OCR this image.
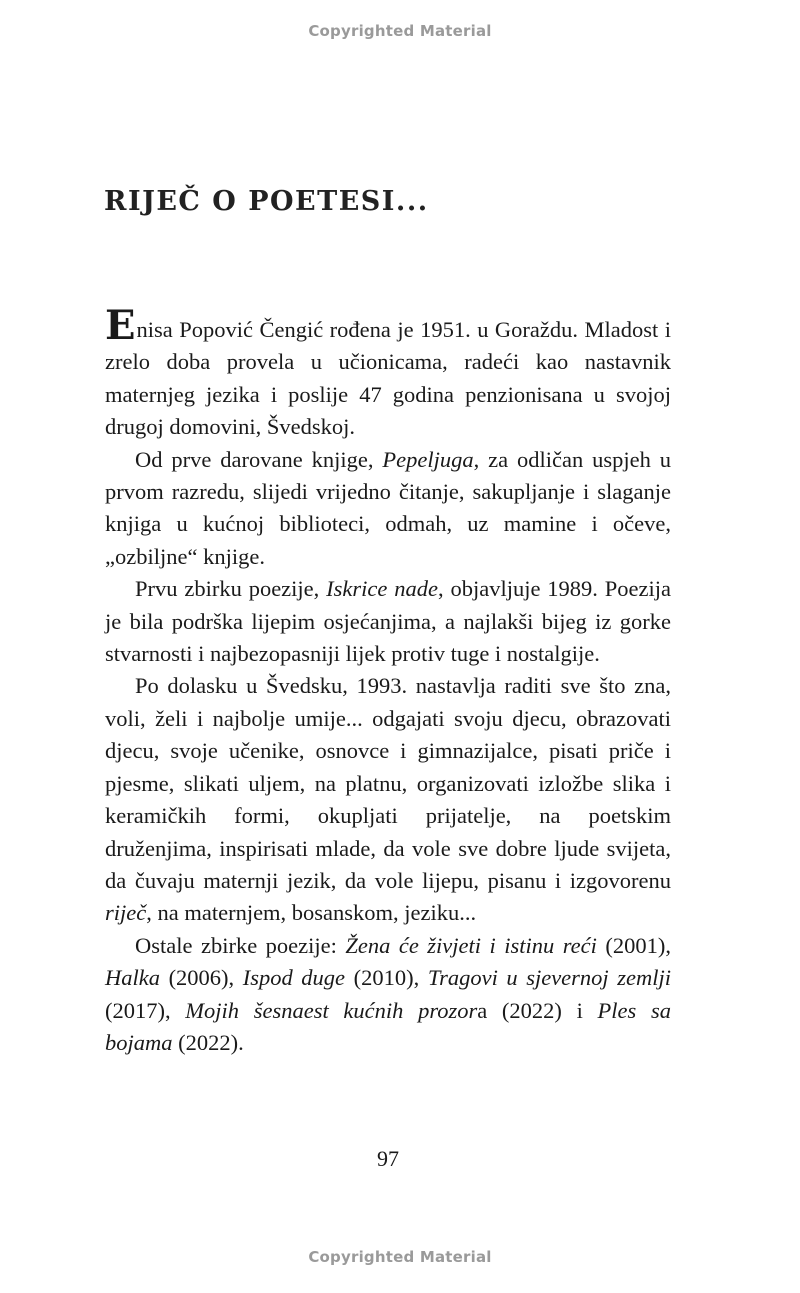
Copyrighted Material
RIJEČ O POETESI...

Enisa Popović Čengić rođena je 1951. u Goraždu. Mladost i zrelo doba provela u učionicama, radeći kao nastavnik maternjeg jezika i poslije 47 godina penzionisana u svojoj drugoj domovini, Švedskoj.

Od prve darovane knjige, Pepeljuga, za odličan uspjeh u prvom razredu, slijedi vrijedno čitanje, sakupljanje i slaganje knjiga u kućnoj biblioteci, odmah, uz mamine i očeve, „ozbiljne“ knjige.

Prvu zbirku poezije, Iskrice nade, objavljuje 1989. Poezija je bila podrška lijepim osjećanjima, a najlakši bijeg iz gorke stvarnosti i najbezopasniji lijek protiv tuge i nostalgije.

Po dolasku u Švedsku, 1993. nastavlja raditi sve što zna, voli, želi i najbolje umije... odgajati svoju djecu, obrazovati djecu, svoje učenike, osnovce i gimnazijalce, pisati priče i pjesme, slikati uljem, na platnu, organizovati izložbe slika i keramičkih formi, okupljati prijatelje, na poetskim druženjima, inspirisati mlade, da vole sve dobre ljude svijeta, da čuvaju maternji jezik, da vole lijepu, pisanu i izgovorenu riječ, na maternjem, bosanskom, jeziku...

Ostale zbirke poezije: Žena će živjeti i istinu reći (2001), Halka (2006), Ispod duge (2010), Tragovi u sjevernoj zemlji (2017), Mojih šesnaest kućnih prozora (2022) i Ples sa bojama (2022).

97
Copyrighted Material
